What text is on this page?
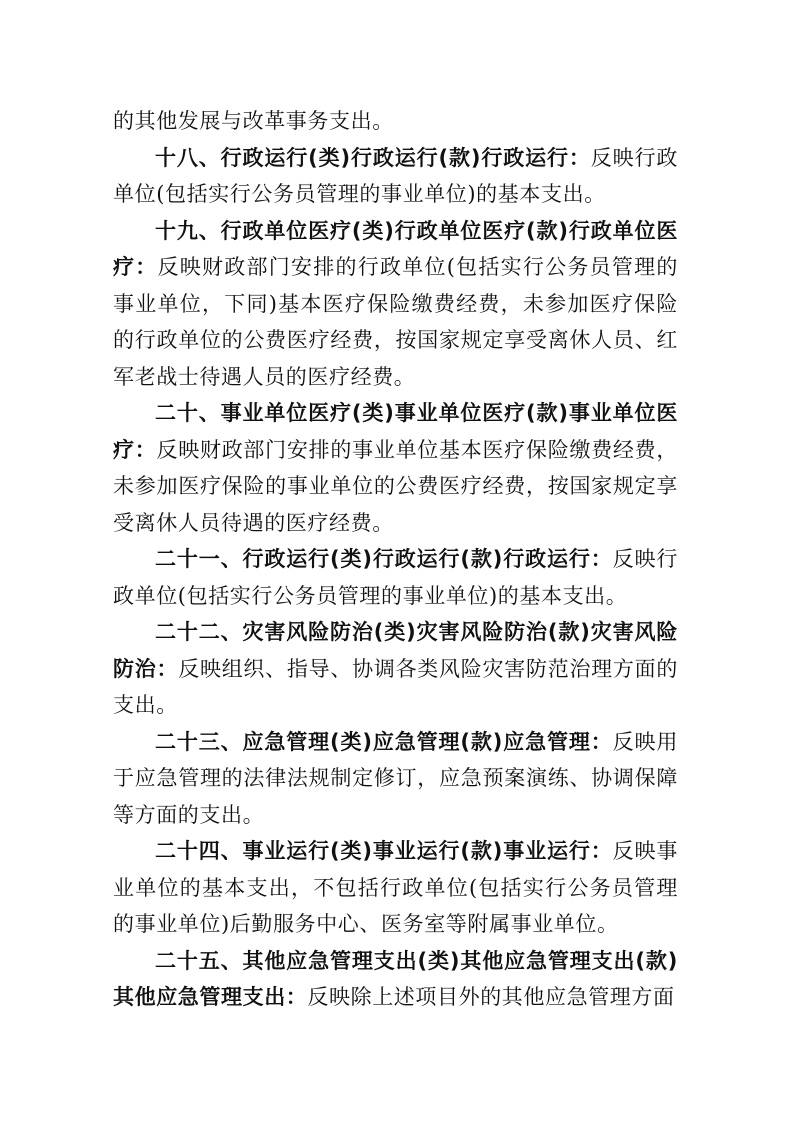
的其他发展与改革事务支出。

十八、行政运行(类)行政运行(款)行政运行：反映行政单位(包括实行公务员管理的事业单位)的基本支出。

十九、行政单位医疗(类)行政单位医疗(款)行政单位医疗：反映财政部门安排的行政单位(包括实行公务员管理的事业单位，下同)基本医疗保险缴费经费，未参加医疗保险的行政单位的公费医疗经费，按国家规定享受离休人员、红军老战士待遇人员的医疗经费。

二十、事业单位医疗(类)事业单位医疗(款)事业单位医疗：反映财政部门安排的事业单位基本医疗保险缴费经费，未参加医疗保险的事业单位的公费医疗经费，按国家规定享受离休人员待遇的医疗经费。

二十一、行政运行(类)行政运行(款)行政运行：反映行政单位(包括实行公务员管理的事业单位)的基本支出。

二十二、灾害风险防治(类)灾害风险防治(款)灾害风险防治：反映组织、指导、协调各类风险灾害防范治理方面的支出。

二十三、应急管理(类)应急管理(款)应急管理：反映用于应急管理的法律法规制定修订，应急预案演练、协调保障等方面的支出。

二十四、事业运行(类)事业运行(款)事业运行：反映事业单位的基本支出，不包括行政单位(包括实行公务员管理的事业单位)后勤服务中心、医务室等附属事业单位。

二十五、其他应急管理支出(类)其他应急管理支出(款)其他应急管理支出：反映除上述项目外的其他应急管理方面
